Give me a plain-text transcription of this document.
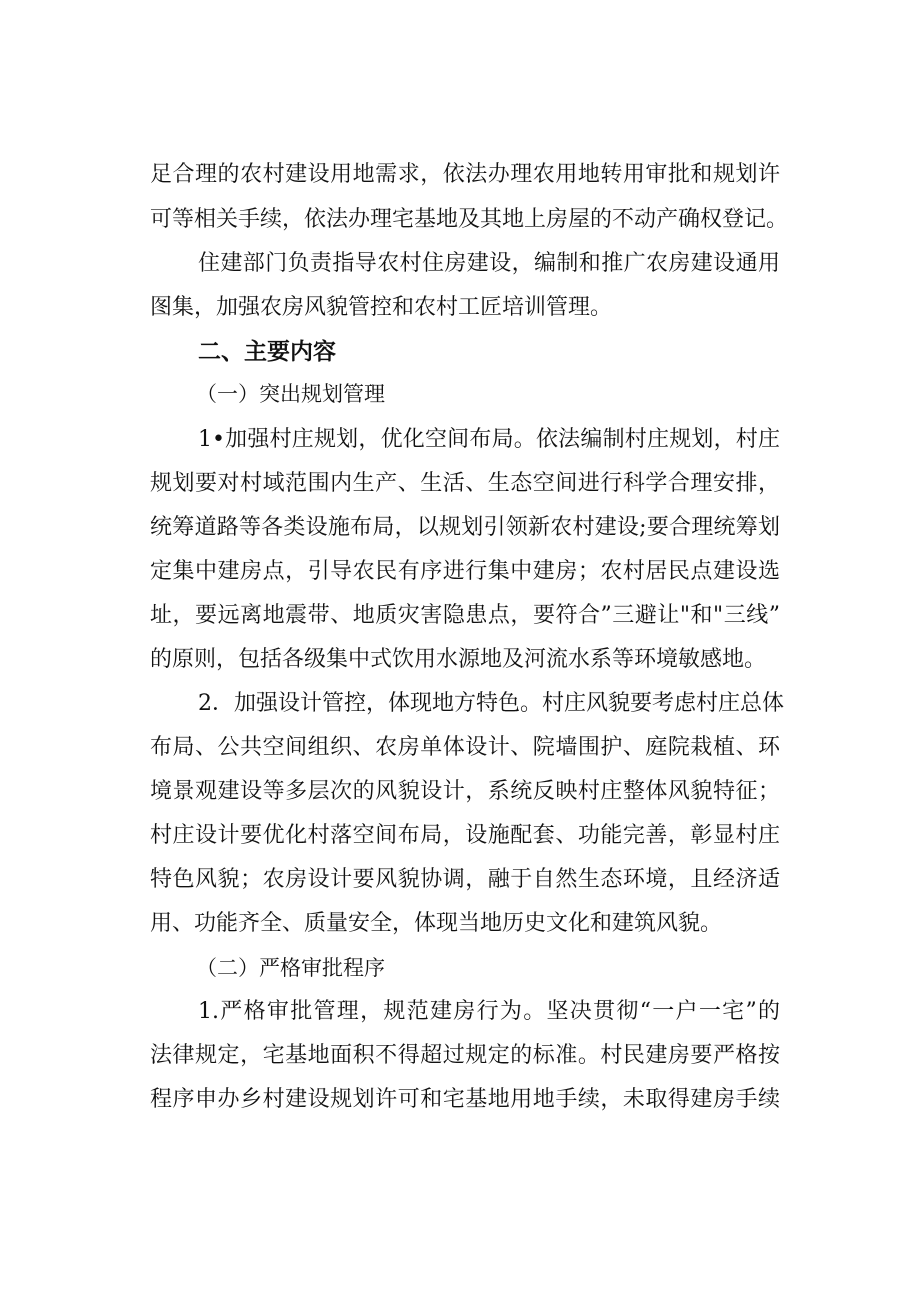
足合理的农村建设用地需求，依法办理农用地转用审批和规划许
可等相关手续，依法办理宅基地及其地上房屋的不动产确权登记。
住建部门负责指导农村住房建设，编制和推广农房建设通用
图集，加强农房风貌管控和农村工匠培训管理。
二、主要内容
（一）突出规划管理
1•加强村庄规划，优化空间布局。依法编制村庄规划，村庄
规划要对村域范围内生产、生活、生态空间进行科学合理安排，
统筹道路等各类设施布局，以规划引领新农村建设;要合理统筹划
定集中建房点，引导农民有序进行集中建房；农村居民点建设选
址，要远离地震带、地质灾害隐患点，要符合”三避让"和"三线”
的原则，包括各级集中式饮用水源地及河流水系等环境敏感地。
2．加强设计管控，体现地方特色。村庄风貌要考虑村庄总体
布局、公共空间组织、农房单体设计、院墙围护、庭院栽植、环
境景观建设等多层次的风貌设计，系统反映村庄整体风貌特征；
村庄设计要优化村落空间布局，设施配套、功能完善，彰显村庄
特色风貌；农房设计要风貌协调，融于自然生态环境，且经济适
用、功能齐全、质量安全，体现当地历史文化和建筑风貌。
（二）严格审批程序
1.严格审批管理，规范建房行为。坚决贯彻“一户一宅”的
法律规定，宅基地面积不得超过规定的标准。村民建房要严格按
程序申办乡村建设规划许可和宅基地用地手续，未取得建房手续
